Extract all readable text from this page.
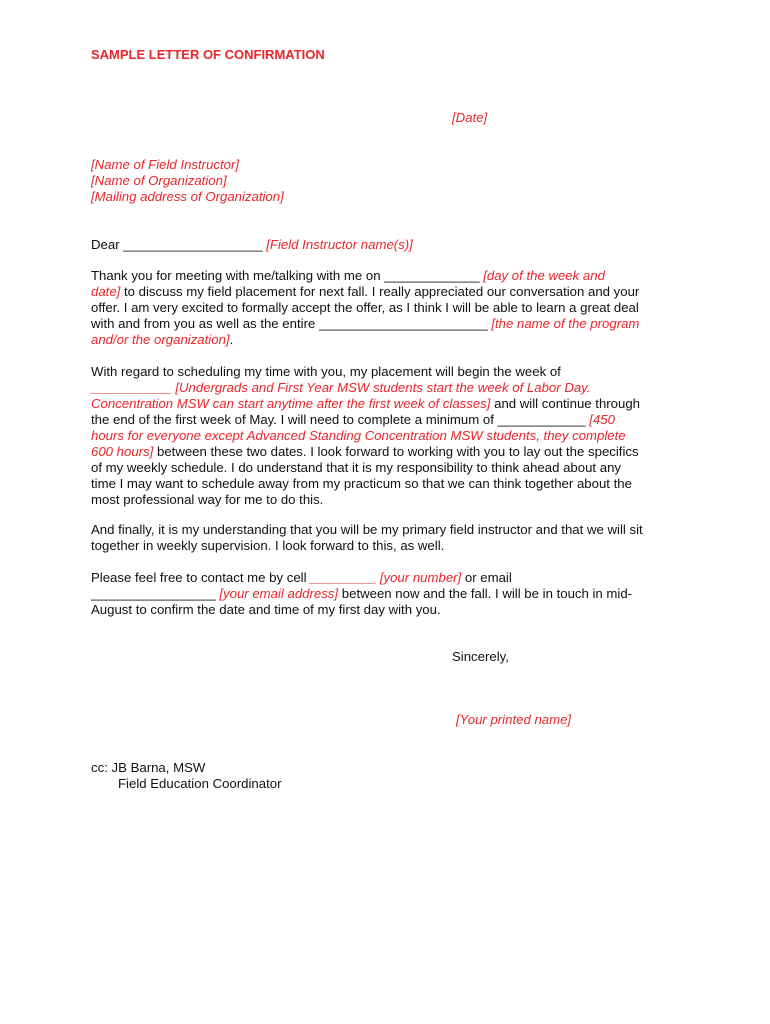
SAMPLE LETTER OF CONFIRMATION
[Date]
[Name of Field Instructor]
[Name of Organization]
[Mailing address of Organization]
Dear ___________________ [Field Instructor name(s)]
Thank you for meeting with me/talking with me on _____________ [day of the week and
date] to discuss my field placement for next fall. I really appreciated our conversation and your
offer. I am very excited to formally accept the offer, as I think I will be able to learn a great deal
with and from you as well as the entire _______________________ [the name of the program
and/or the organization].
With regard to scheduling my time with you, my placement will begin the week of
___________ [Undergrads and First Year MSW students start the week of Labor Day.
Concentration MSW can start anytime after the first week of classes] and will continue through
the end of the first week of May. I will need to complete a minimum of ____________ [450
hours for everyone except Advanced Standing Concentration MSW students, they complete
600 hours] between these two dates. I look forward to working with you to lay out the specifics
of my weekly schedule. I do understand that it is my responsibility to think ahead about any
time I may want to schedule away from my practicum so that we can think together about the
most professional way for me to do this.
And finally, it is my understanding that you will be my primary field instructor and that we will sit
together in weekly supervision. I look forward to this, as well.
Please feel free to contact me by cell _________ [your number] or email
_________________ [your email address] between now and the fall. I will be in touch in mid-
August to confirm the date and time of my first day with you.
Sincerely,
[Your printed name]
cc: JB Barna, MSW
Field Education Coordinator
